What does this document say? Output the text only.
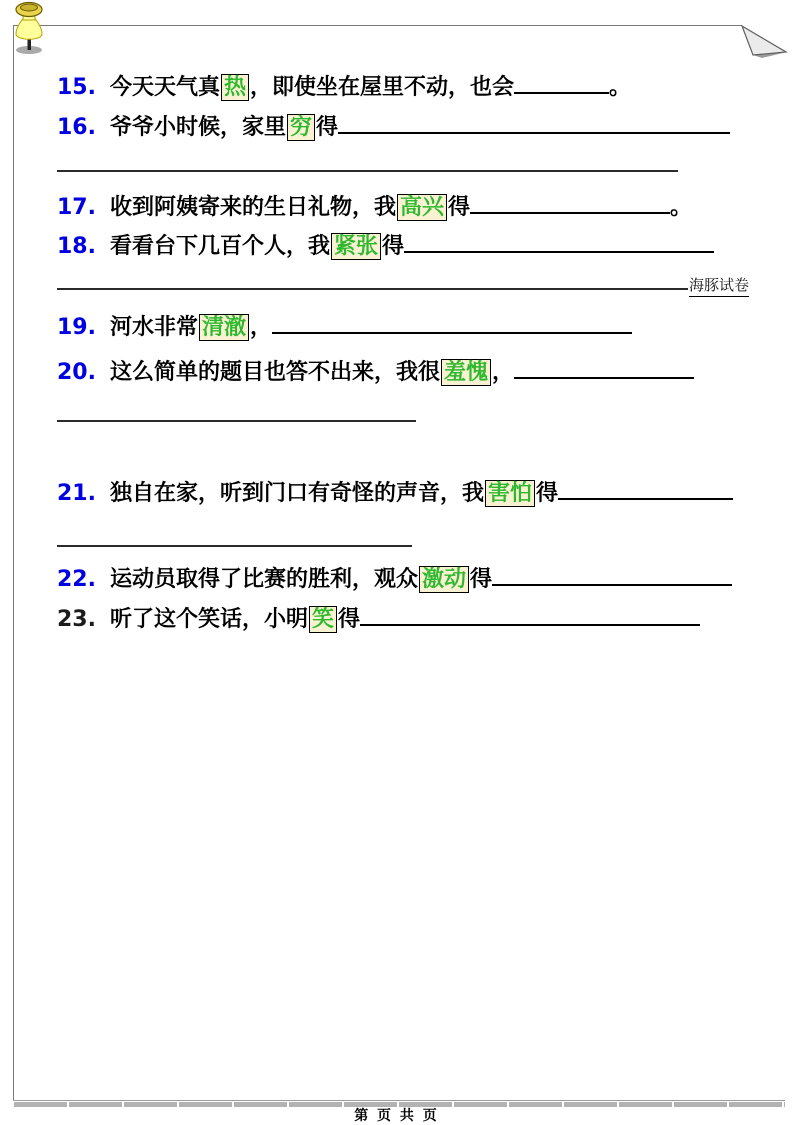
15. 今天天气真 热 ，即使坐在屋里不动，也会	。
16. 爷爷小时候，家里 穷 得
17. 收到阿姨寄来的生日礼物，我 高兴 得	。
18. 看看台下几百个人，我 紧张 得
19. 河水非常 清澈 ，
20. 这么简单的题目也答不出来，我很 羞愧 ，
21. 独自在家，听到门口有奇怪的声音，我 害怕 得
22. 运动员取得了比赛的胜利，观众 激动 得
23. 听了这个笑话，小明 笑 得
海豚试卷
第 页 共 页
